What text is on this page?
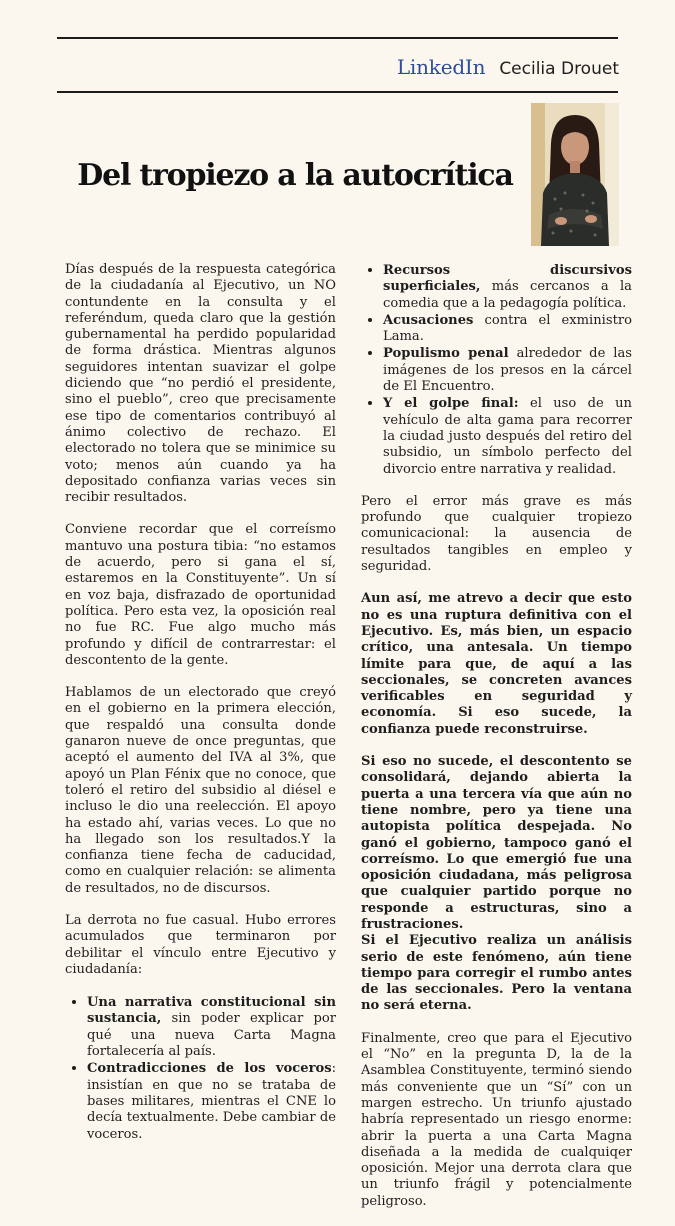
LinkedIn Cecilia Drouet
Del tropiezo a la autocrítica

Días después de la respuesta categórica de la ciudadanía al Ejecutivo, un NO contundente en la consulta y el referéndum, queda claro que la gestión gubernamental ha perdido popularidad de forma drástica. Mientras algunos seguidores intentan suavizar el golpe diciendo que “no perdió el presidente, sino el pueblo”, creo que precisamente ese tipo de comentarios contribuyó al ánimo colectivo de rechazo. El electorado no tolera que se minimice su voto; menos aún cuando ya ha depositado confianza varias veces sin recibir resultados.

Conviene recordar que el correísmo mantuvo una postura tibia: “no estamos de acuerdo, pero si gana el sí, estaremos en la Constituyente”. Un sí en voz baja, disfrazado de oportunidad política. Pero esta vez, la oposición real no fue RC. Fue algo mucho más profundo y difícil de contrarrestar: el descontento de la gente.

Hablamos de un electorado que creyó en el gobierno en la primera elección, que respaldó una consulta donde ganaron nueve de once preguntas, que aceptó el aumento del IVA al 3%, que apoyó un Plan Fénix que no conoce, que toleró el retiro del subsidio al diésel e incluso le dio una reelección. El apoyo ha estado ahí, varias veces. Lo que no ha llegado son los resultados.Y la confianza tiene fecha de caducidad, como en cualquier relación: se alimenta de resultados, no de discursos.

La derrota no fue casual. Hubo errores acumulados que terminaron por debilitar el vínculo entre Ejecutivo y ciudadanía:

• Una narrativa constitucional sin sustancia, sin poder explicar por qué una nueva Carta Magna fortalecería al país.
• Contradicciones de los voceros: insistían en que no se trataba de bases militares, mientras el CNE lo decía textualmente. Debe cambiar de voceros.
• Recursos discursivos superficiales, más cercanos a la comedia que a la pedagogía política.
• Acusaciones contra el exministro Lama.
• Populismo penal alrededor de las imágenes de los presos en la cárcel de El Encuentro.
• Y el golpe final: el uso de un vehículo de alta gama para recorrer la ciudad justo después del retiro del subsidio, un símbolo perfecto del divorcio entre narrativa y realidad.

Pero el error más grave es más profundo que cualquier tropiezo comunicacional: la ausencia de resultados tangibles en empleo y seguridad.

Aun así, me atrevo a decir que esto no es una ruptura definitiva con el Ejecutivo. Es, más bien, un espacio crítico, una antesala. Un tiempo límite para que, de aquí a las seccionales, se concreten avances verificables en seguridad y economía. Si eso sucede, la confianza puede reconstruirse.

Si eso no sucede, el descontento se consolidará, dejando abierta la puerta a una tercera vía que aún no tiene nombre, pero ya tiene una autopista política despejada. No ganó el gobierno, tampoco ganó el correísmo. Lo que emergió fue una oposición ciudadana, más peligrosa que cualquier partido porque no responde a estructuras, sino a frustraciones.

Si el Ejecutivo realiza un análisis serio de este fenómeno, aún tiene tiempo para corregir el rumbo antes de las seccionales. Pero la ventana no será eterna.

Finalmente, creo que para el Ejecutivo el “No” en la pregunta D, la de la Asamblea Constituyente, terminó siendo más conveniente que un “Sí” con un margen estrecho. Un triunfo ajustado habría representado un riesgo enorme: abrir la puerta a una Carta Magna diseñada a la medida de cualquiqer oposición. Mejor una derrota clara que un triunfo frágil y potencialmente peligroso.
